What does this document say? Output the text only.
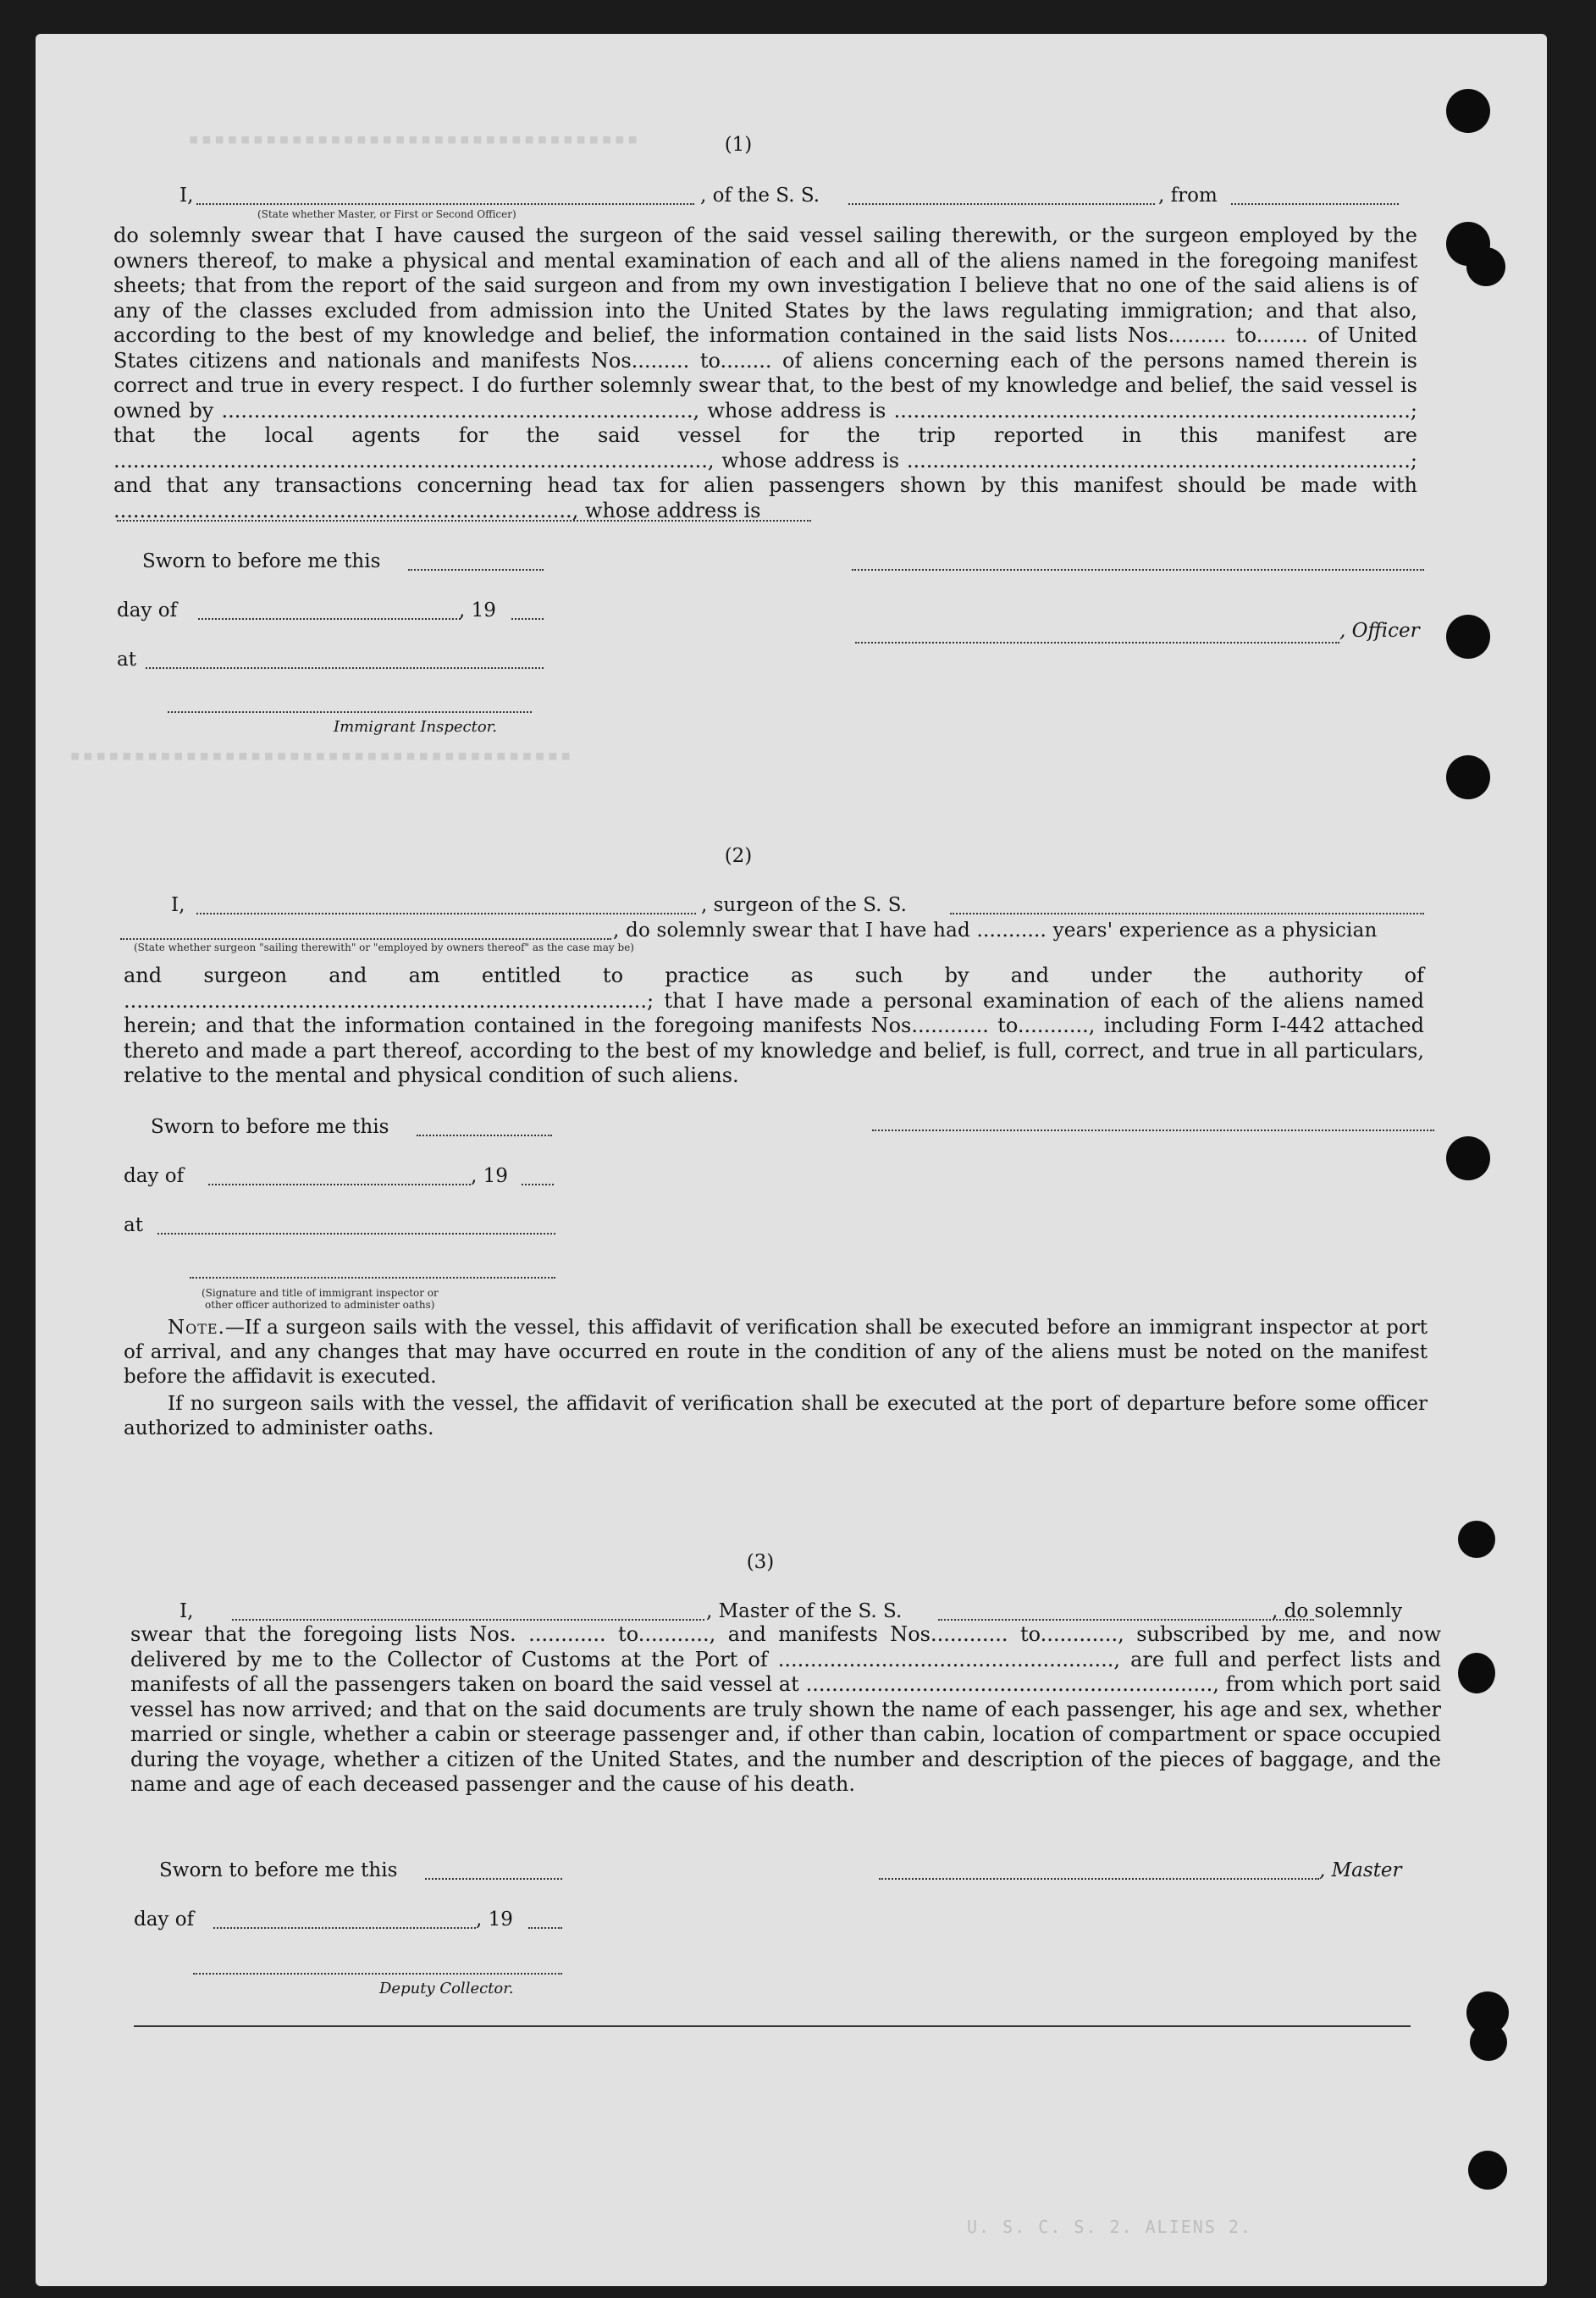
▪▪▪▪▪▪▪▪▪▪▪▪▪▪▪▪▪▪▪▪▪▪▪▪▪▪▪▪▪▪▪▪▪▪▪
▪▪▪▪▪▪▪▪▪▪▪▪▪▪▪▪▪▪▪▪▪▪▪▪▪▪▪▪▪▪▪▪▪▪▪▪▪▪▪
(1)
I,	, of the S. S.	, from
(State whether Master, or First or Second Officer)
do solemnly swear that I have caused the surgeon of the said vessel sailing therewith, or the surgeon employed by the owners thereof, to make a physical and mental examination of each and all of the aliens named in the foregoing manifest sheets; that from the report of the said surgeon and from my own investigation I believe that no one of the said aliens is of any of the classes excluded from admission into the United States by the laws regulating immigration; and that also, according to the best of my knowledge and belief, the information contained in the said lists Nos......... to........ of United States citizens and nationals and manifests Nos......... to........ of aliens concerning each of the persons named therein is correct and true in every respect. I do further solemnly swear that, to the best of my knowledge and belief, the said vessel is owned by ........................................................................., whose address is ................................................................................; that the local agents for the said vessel for the trip reported in this manifest are ............................................................................................, whose address is ..............................................................................; and that any transactions concerning head tax for alien passengers shown by this manifest should be made with ......................................................................., whose address is
Sworn to before me this
day of	, 19
at
Immigrant Inspector.
, Officer
(2)
I,	, surgeon of the S. S.
, do solemnly swear that I have had ........... years' experience as a physician
(State whether surgeon "sailing therewith" or "employed by owners thereof" as the case may be)
and surgeon and am entitled to practice as such by and under the authority of .................................................................................; that I have made a personal examination of each of the aliens named herein; and that the information contained in the foregoing manifests Nos............ to..........., including Form I-442 attached thereto and made a part thereof, according to the best of my knowledge and belief, is full, correct, and true in all particulars, relative to the mental and physical condition of such aliens.
Sworn to before me this
day of	, 19
at
(Signature and title of immigrant inspector or
other officer authorized to administer oaths)
Note.—If a surgeon sails with the vessel, this affidavit of verification shall be executed before an immigrant inspector at port of arrival, and any changes that may have occurred en route in the condition of any of the aliens must be noted on the manifest before the affidavit is executed.
If no surgeon sails with the vessel, the affidavit of verification shall be executed at the port of departure before some officer authorized to administer oaths.
(3)
I,	, Master of the S. S.	, do solemnly
swear that the foregoing lists Nos. ............ to..........., and manifests Nos............ to............, subscribed by me, and now delivered by me to the Collector of Customs at the Port of ...................................................., are full and perfect lists and manifests of all the passengers taken on board the said vessel at ..............................................................., from which port said vessel has now arrived; and that on the said documents are truly shown the name of each passenger, his age and sex, whether married or single, whether a cabin or steerage passenger and, if other than cabin, location of compartment or space occupied during the voyage, whether a citizen of the United States, and the number and description of the pieces of baggage, and the name and age of each deceased passenger and the cause of his death.
Sworn to before me this	, Master
day of	, 19
Deputy Collector.
U. S. C. S. 2. ALIENS 2.
